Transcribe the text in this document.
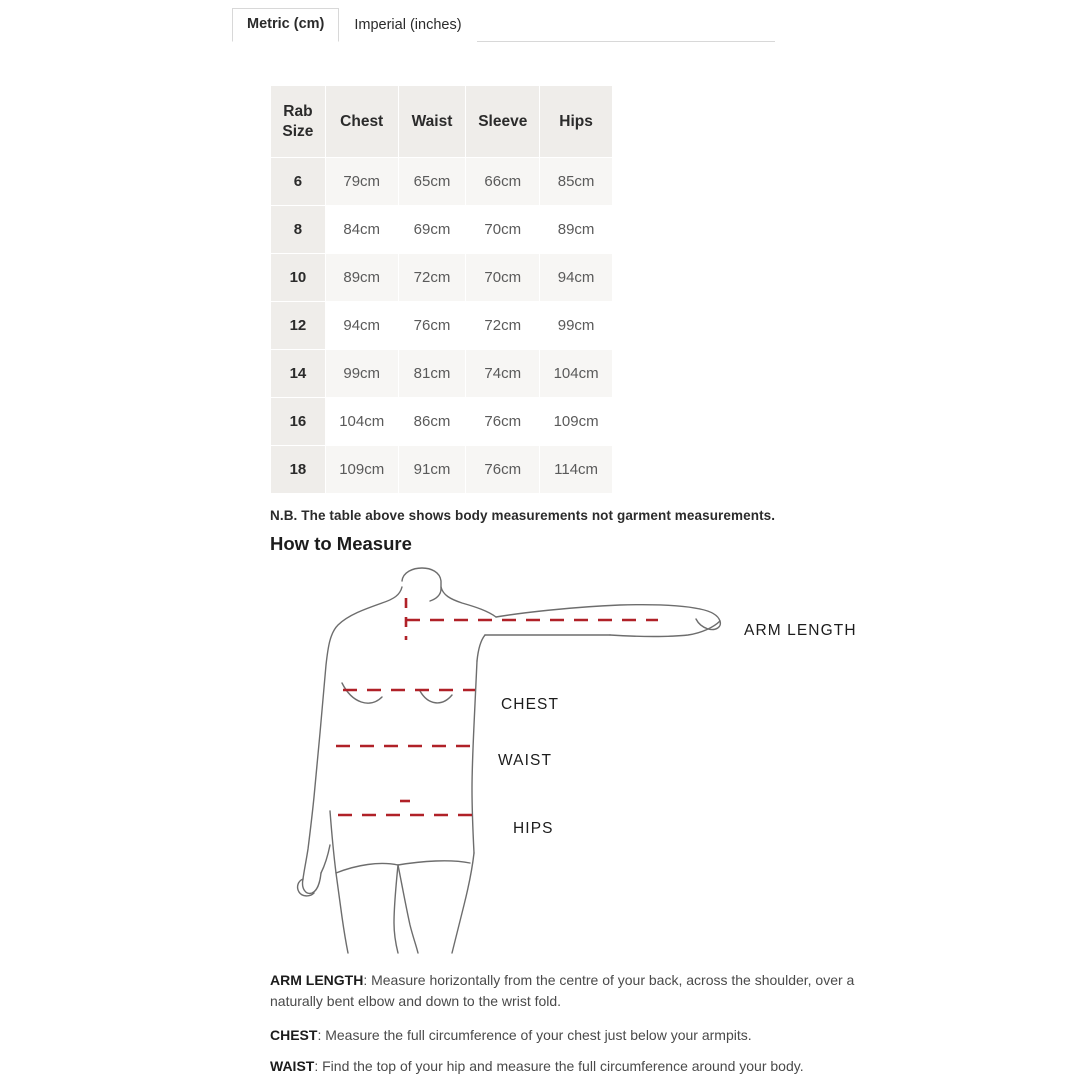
Metric (cm)	Imperial (inches)
Rab Size	Chest	Waist	Sleeve	Hips
6	79cm	65cm	66cm	85cm
8	84cm	69cm	70cm	89cm
10	89cm	72cm	70cm	94cm
12	94cm	76cm	72cm	99cm
14	99cm	81cm	74cm	104cm
16	104cm	86cm	76cm	109cm
18	109cm	91cm	76cm	114cm
N.B. The table above shows body measurements not garment measurements.
How to Measure
ARM LENGTH
CHEST
WAIST
HIPS
ARM LENGTH: Measure horizontally from the centre of your back, across the shoulder, over a naturally bent elbow and down to the wrist fold.
CHEST: Measure the full circumference of your chest just below your armpits.
WAIST: Find the top of your hip and measure the full circumference around your body.
